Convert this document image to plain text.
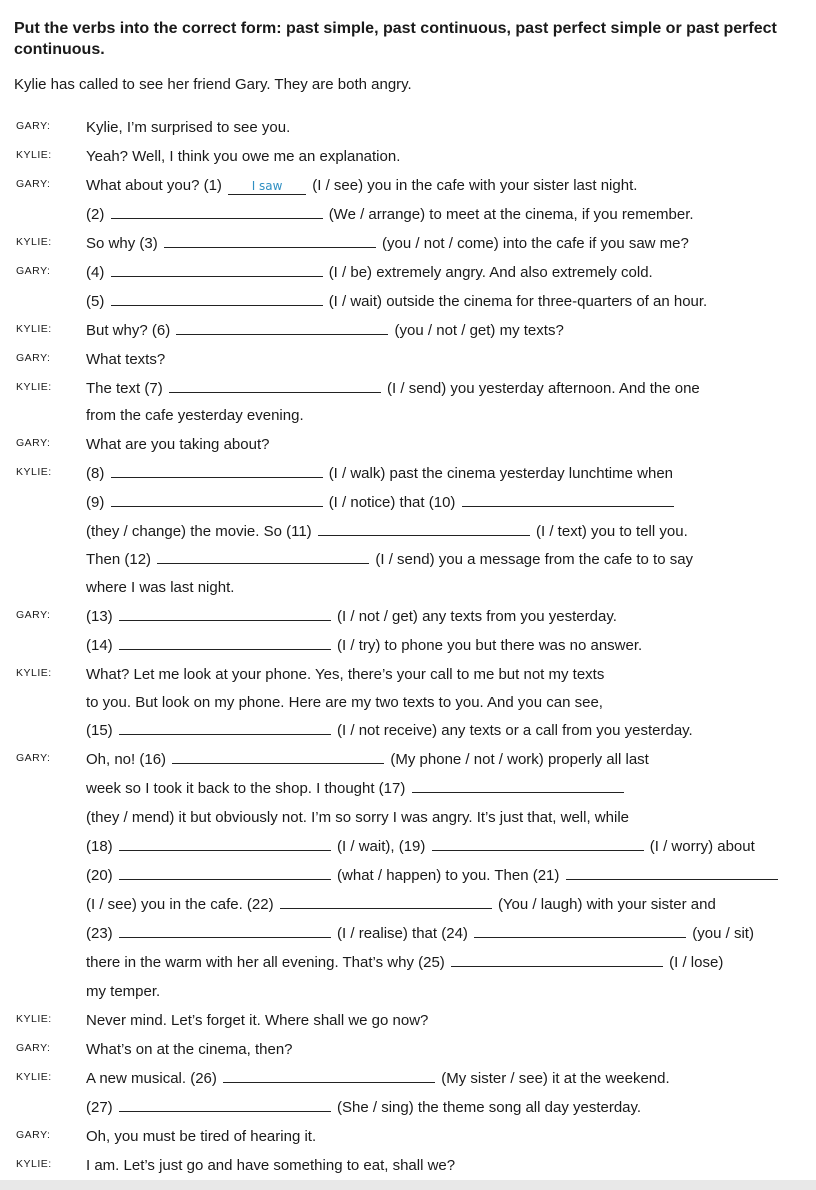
Put the verbs into the correct form: past simple, past continuous, past perfect simple or past perfect continuous.
Kylie has called to see her friend Gary. They are both angry.
GARY: Kylie, I’m surprised to see you.
KYLIE: Yeah? Well, I think you owe me an explanation.
GARY: What about you? (1) I saw (I / see) you in the cafe with your sister last night.
(2)	(We / arrange) to meet at the cinema, if you remember.
KYLIE: So why (3)	(you / not / come) into the cafe if you saw me?
GARY: (4)	(I / be) extremely angry. And also extremely cold.
(5)	(I / wait) outside the cinema for three-quarters of an hour.
KYLIE: But why? (6)	(you / not / get) my texts?
GARY: What texts?
KYLIE: The text (7)	(I / send) you yesterday afternoon. And the one
from the cafe yesterday evening.
GARY: What are you taking about?
KYLIE: (8)	(I / walk) past the cinema yesterday lunchtime when
(9)	(I / notice) that (10)
(they / change) the movie. So (11)	(I / text) you to tell you.
Then (12)	(I / send) you a message from the cafe to to say
where I was last night.
GARY: (13)	(I / not / get) any texts from you yesterday.
(14)	(I / try) to phone you but there was no answer.
KYLIE: What? Let me look at your phone. Yes, there’s your call to me but not my texts
to you. But look on my phone. Here are my two texts to you. And you can see,
(15)	(I / not receive) any texts or a call from you yesterday.
GARY: Oh, no! (16)	(My phone / not / work) properly all last
week so I took it back to the shop. I thought (17)
(they / mend) it but obviously not. I’m so sorry I was angry. It’s just that, well, while
(18)	(I / wait), (19)	(I / worry) about
(20)	(what / happen) to you. Then (21)
(I / see) you in the cafe. (22)	(You / laugh) with your sister and
(23)	(I / realise) that (24)	(you / sit)
there in the warm with her all evening. That’s why (25)	(I / lose)
my temper.
KYLIE: Never mind. Let’s forget it. Where shall we go now?
GARY: What’s on at the cinema, then?
KYLIE: A new musical. (26)	(My sister / see) it at the weekend.
(27)	(She / sing) the theme song all day yesterday.
GARY: Oh, you must be tired of hearing it.
KYLIE: I am. Let’s just go and have something to eat, shall we?
